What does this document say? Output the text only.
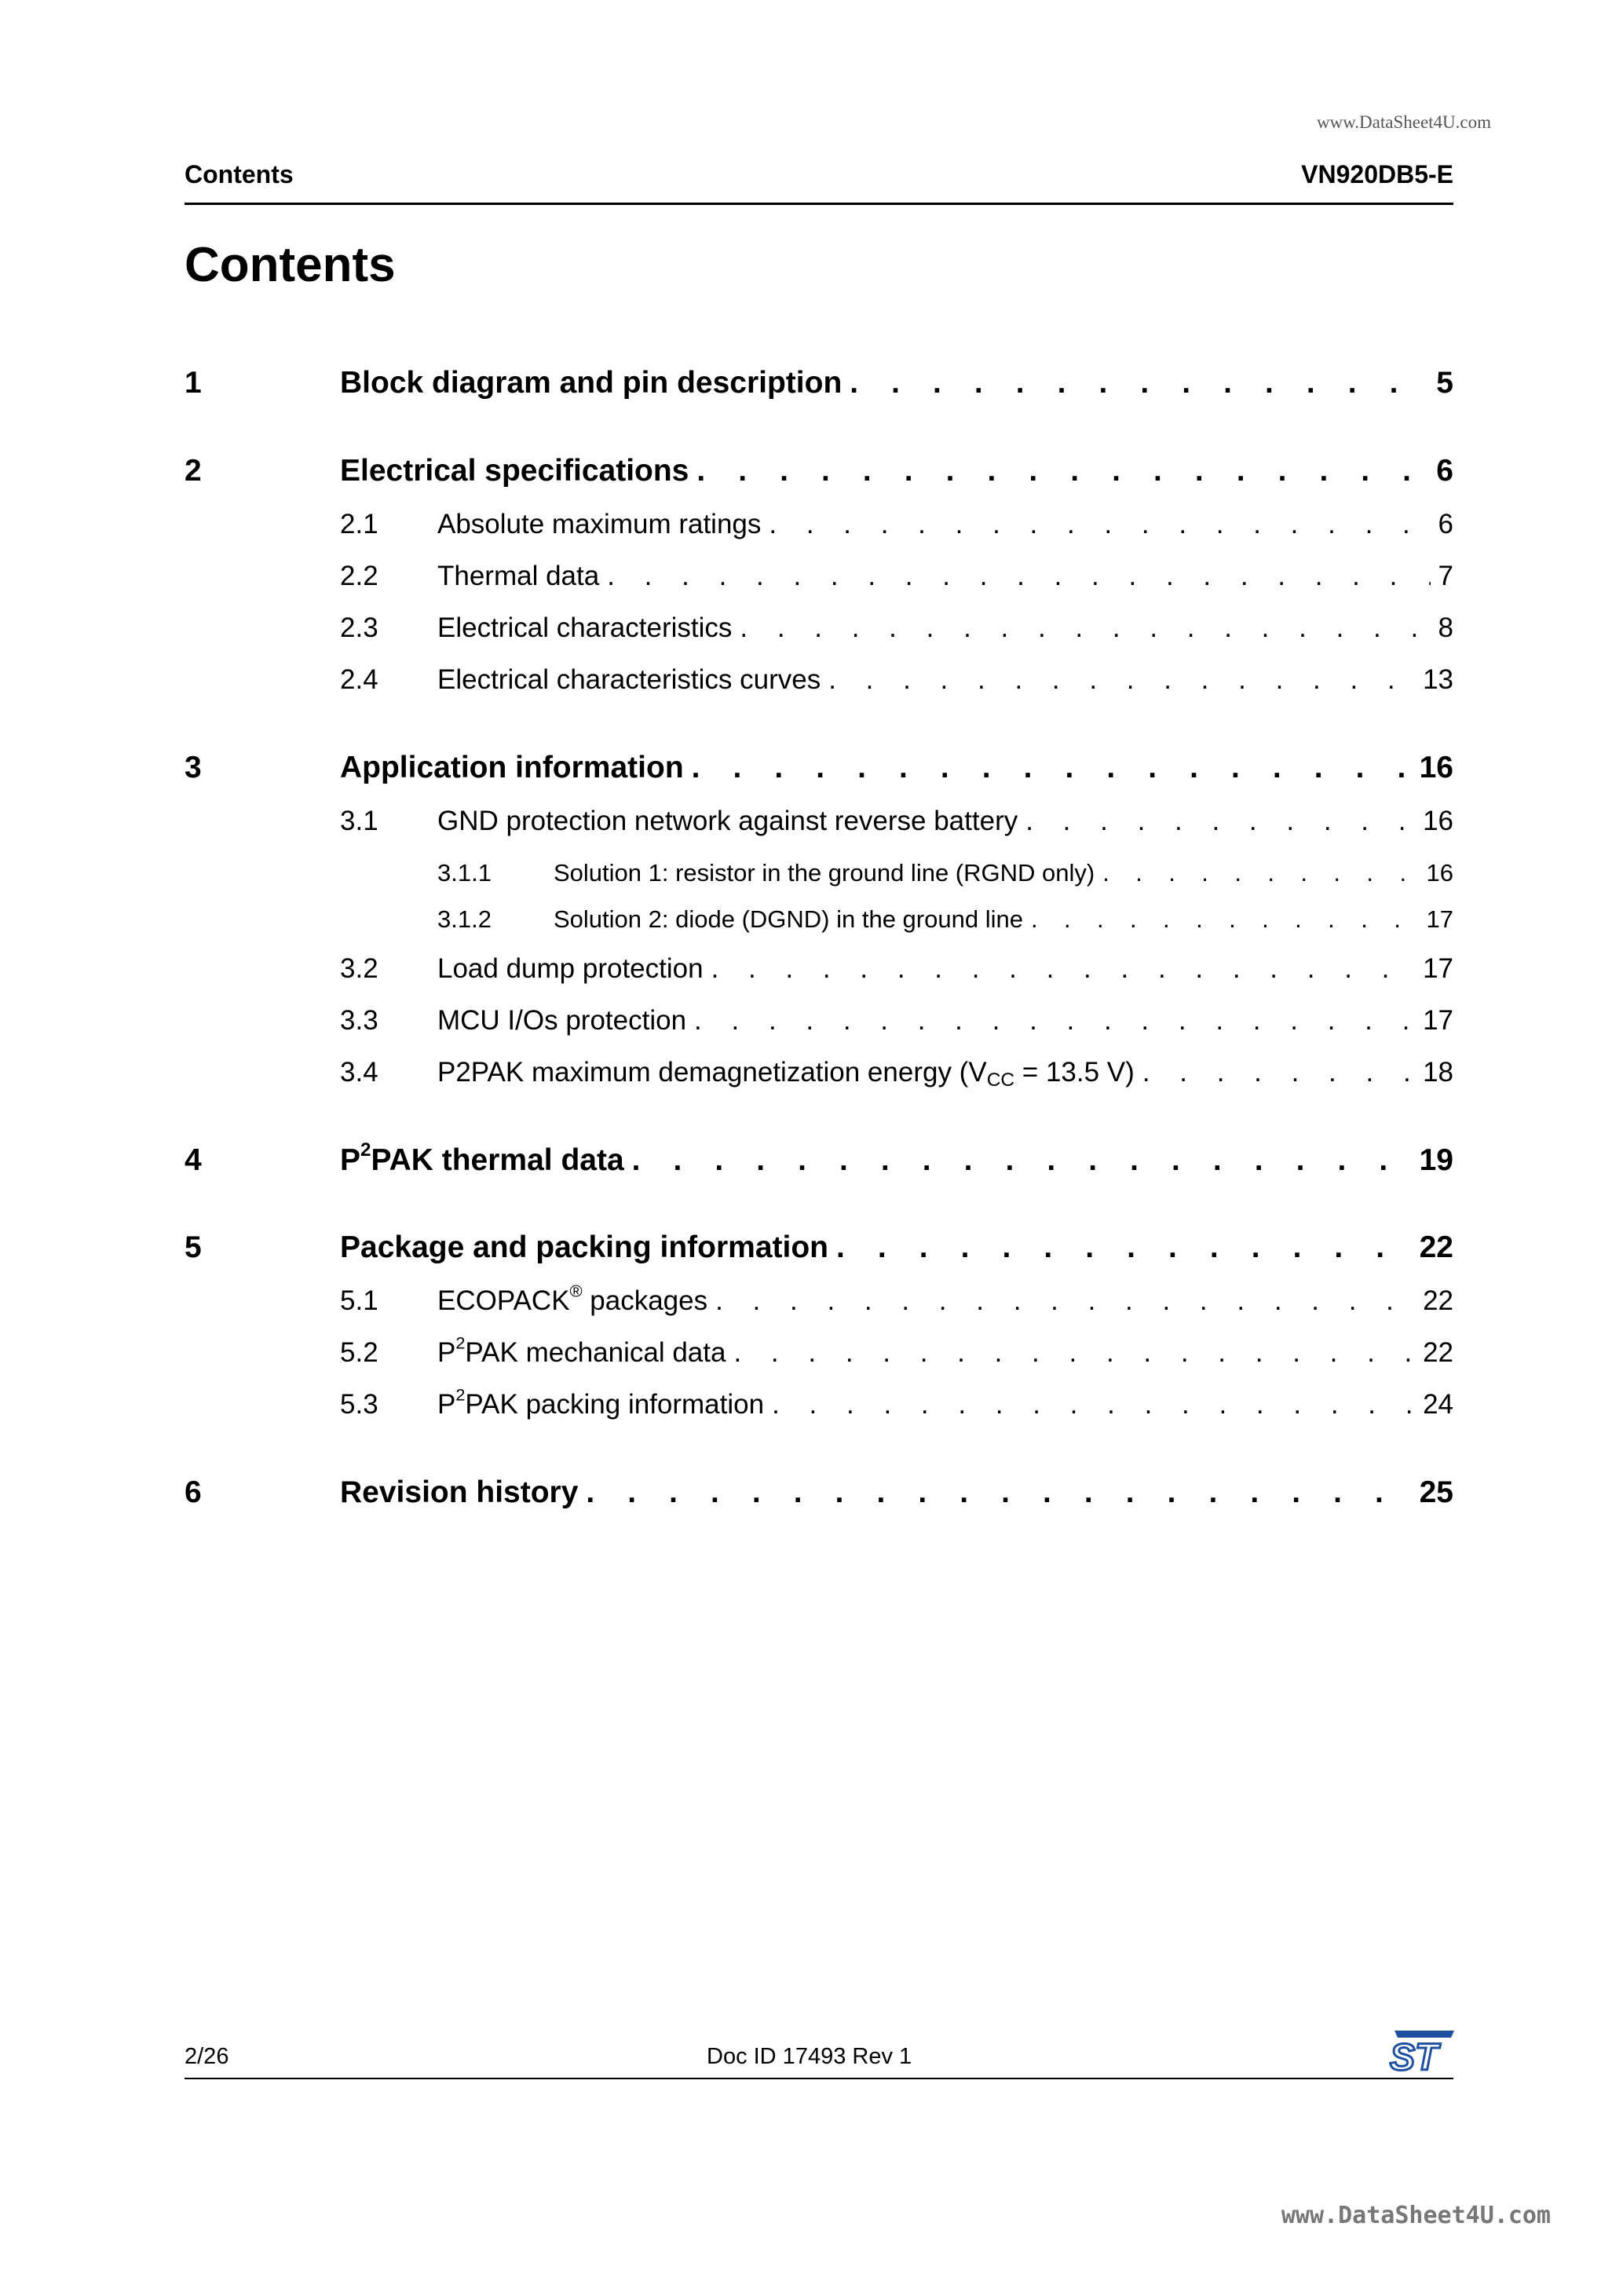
www.DataSheet4U.com
Contents	VN920DB5-E
Contents
1	Block diagram and pin description . . .	5
2	Electrical specifications . . .	6
2.1	Absolute maximum ratings . . .	6
2.2	Thermal data . . .	7
2.3	Electrical characteristics . . .	8
2.4	Electrical characteristics curves . . .	13
3	Application information . . .	16
3.1	GND protection network against reverse battery . . .	16
3.1.1	Solution 1: resistor in the ground line (RGND only) . . .	16
3.1.2	Solution 2: diode (DGND) in the ground line . . .	17
3.2	Load dump protection . . .	17
3.3	MCU I/Os protection . . .	17
3.4	P2PAK maximum demagnetization energy ($V_{CC} = 13.5$ V) . . .	18
4	$P^2PAK$ thermal data . . .	19
5	Package and packing information . . .	22
5.1	ECOPACK® packages . . .	22
5.2	$P^2PAK$ mechanical data . . .	22
5.3	$P^2PAK$ packing information . . .	24
6	Revision history . . .	25
2/26	Doc ID 17493 Rev 1	ST
www.DataSheet4U.com
